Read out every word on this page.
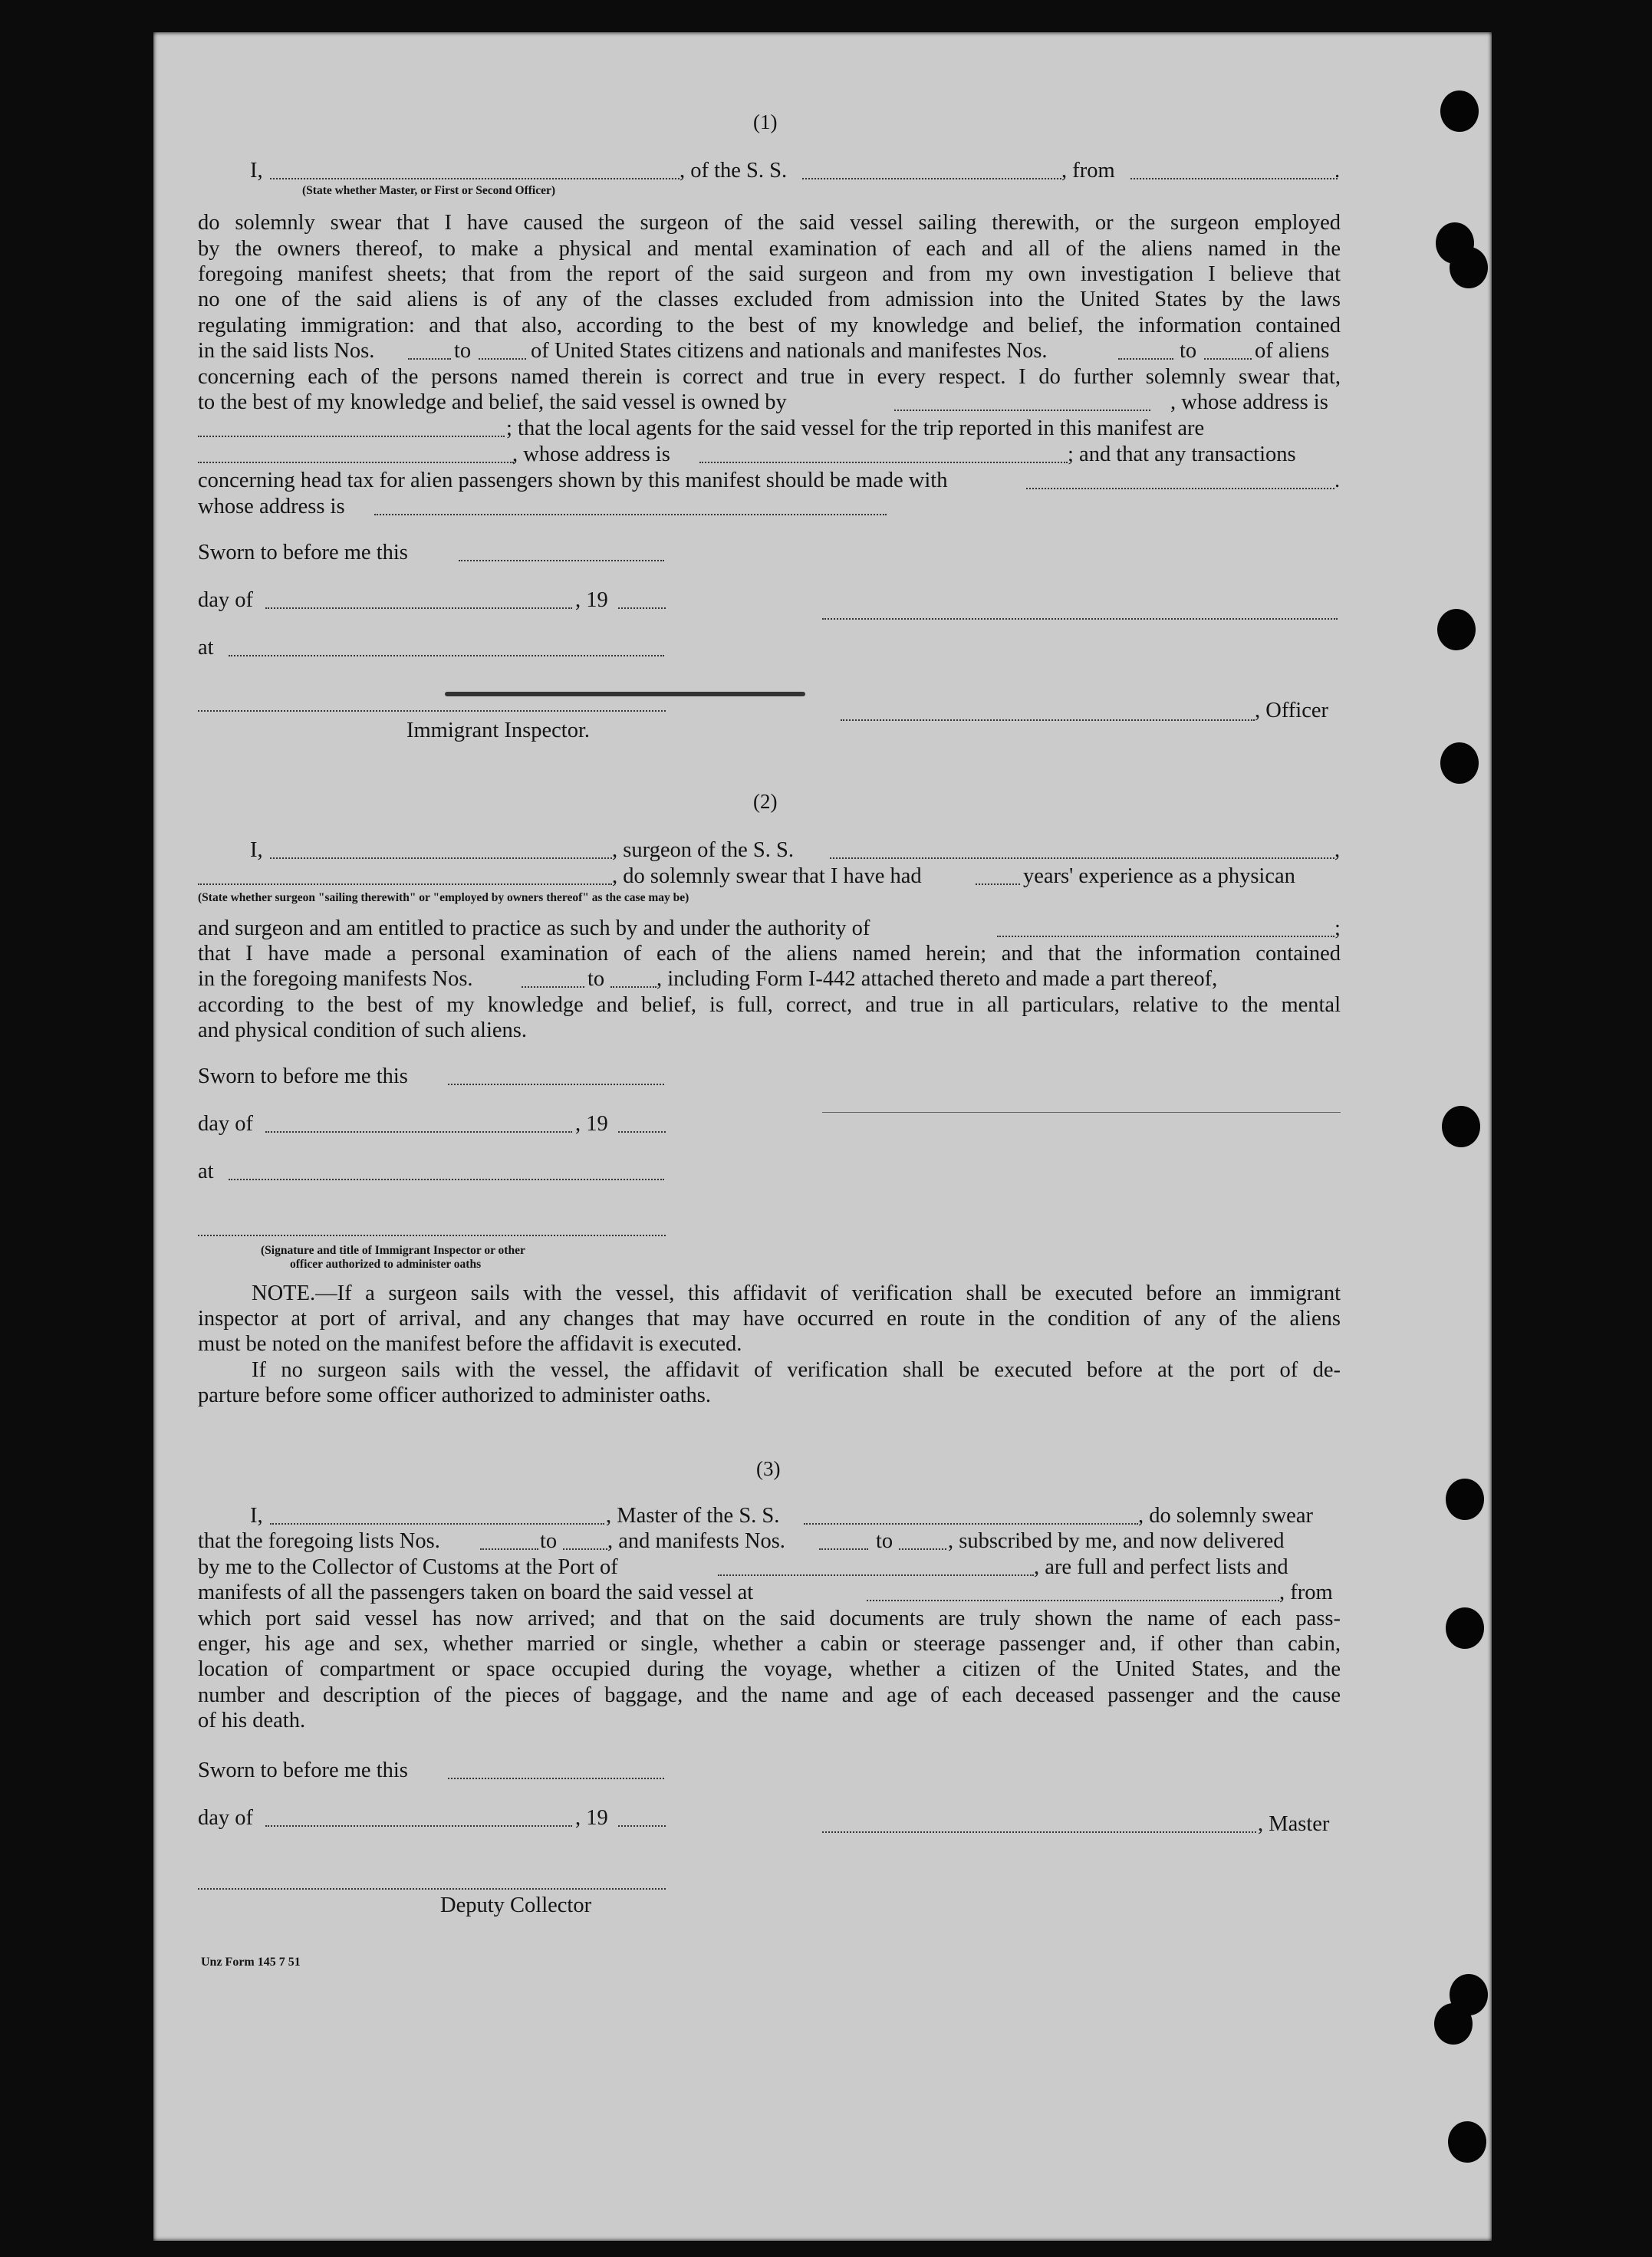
(1)
I,	, of the S. S.	, from	.
(State whether Master, or First or Second Officer)
do solemnly swear that I have caused the surgeon of the said vessel sailing therewith, or the surgeon employed
by the owners thereof, to make a physical and mental examination of each and all of the aliens named in the
foregoing manifest sheets; that from the report of the said surgeon and from my own investigation I believe that
no one of the said aliens is of any of the classes excluded from admission into the United States by the laws
regulating immigration: and that also, according to the best of my knowledge and belief, the information contained
in the said lists Nos.	to	of United States citizens and nationals and manifestes Nos.	to	of aliens
concerning each of the persons named therein is correct and true in every respect. I do further solemnly swear that,
to the best of my knowledge and belief, the said vessel is owned by	, whose address is
; that the local agents for the said vessel for the trip reported in this manifest are
, whose address is	; and that any transactions
concerning head tax for alien passengers shown by this manifest should be made with	.
whose address is
Sworn to before me this
day of	, 19
at
Immigrant Inspector.
, Officer
(2)
I,	, surgeon of the S. S.	,
, do solemnly swear that I have had	years' experience as a physican
(State whether surgeon "sailing therewith" or "employed by owners thereof" as the case may be)
and surgeon and am entitled to practice as such by and under the authority of	;
that I have made a personal examination of each of the aliens named herein; and that the information contained
in the foregoing manifests Nos.	to , including Form I-442 attached thereto and made a part thereof,
according to the best of my knowledge and belief, is full, correct, and true in all particulars, relative to the mental
and physical condition of such aliens.
Sworn to before me this
day of	, 19
at
(Signature and title of Immigrant Inspector or other
officer authorized to administer oaths
NOTE.—If a surgeon sails with the vessel, this affidavit of verification shall be executed before an immigrant
inspector at port of arrival, and any changes that may have occurred en route in the condition of any of the aliens
must be noted on the manifest before the affidavit is executed.
If no surgeon sails with the vessel, the affidavit of verification shall be executed before at the port of de-
parture before some officer authorized to administer oaths.
(3)
I,	, Master of the S. S.	, do solemnly swear
that the foregoing lists Nos.	to , and manifests Nos.	to	, subscribed by me, and now delivered
by me to the Collector of Customs at the Port of	, are full and perfect lists and
manifests of all the passengers taken on board the said vessel at	, from
which port said vessel has now arrived; and that on the said documents are truly shown the name of each pass-
enger, his age and sex, whether married or single, whether a cabin or steerage passenger and, if other than cabin,
location of compartment or space occupied during the voyage, whether a citizen of the United States, and the
number and description of the pieces of baggage, and the name and age of each deceased passenger and the cause
of his death.
Sworn to before me this
day of	, 19	, Master
Deputy Collector
Unz Form 145 7 51
